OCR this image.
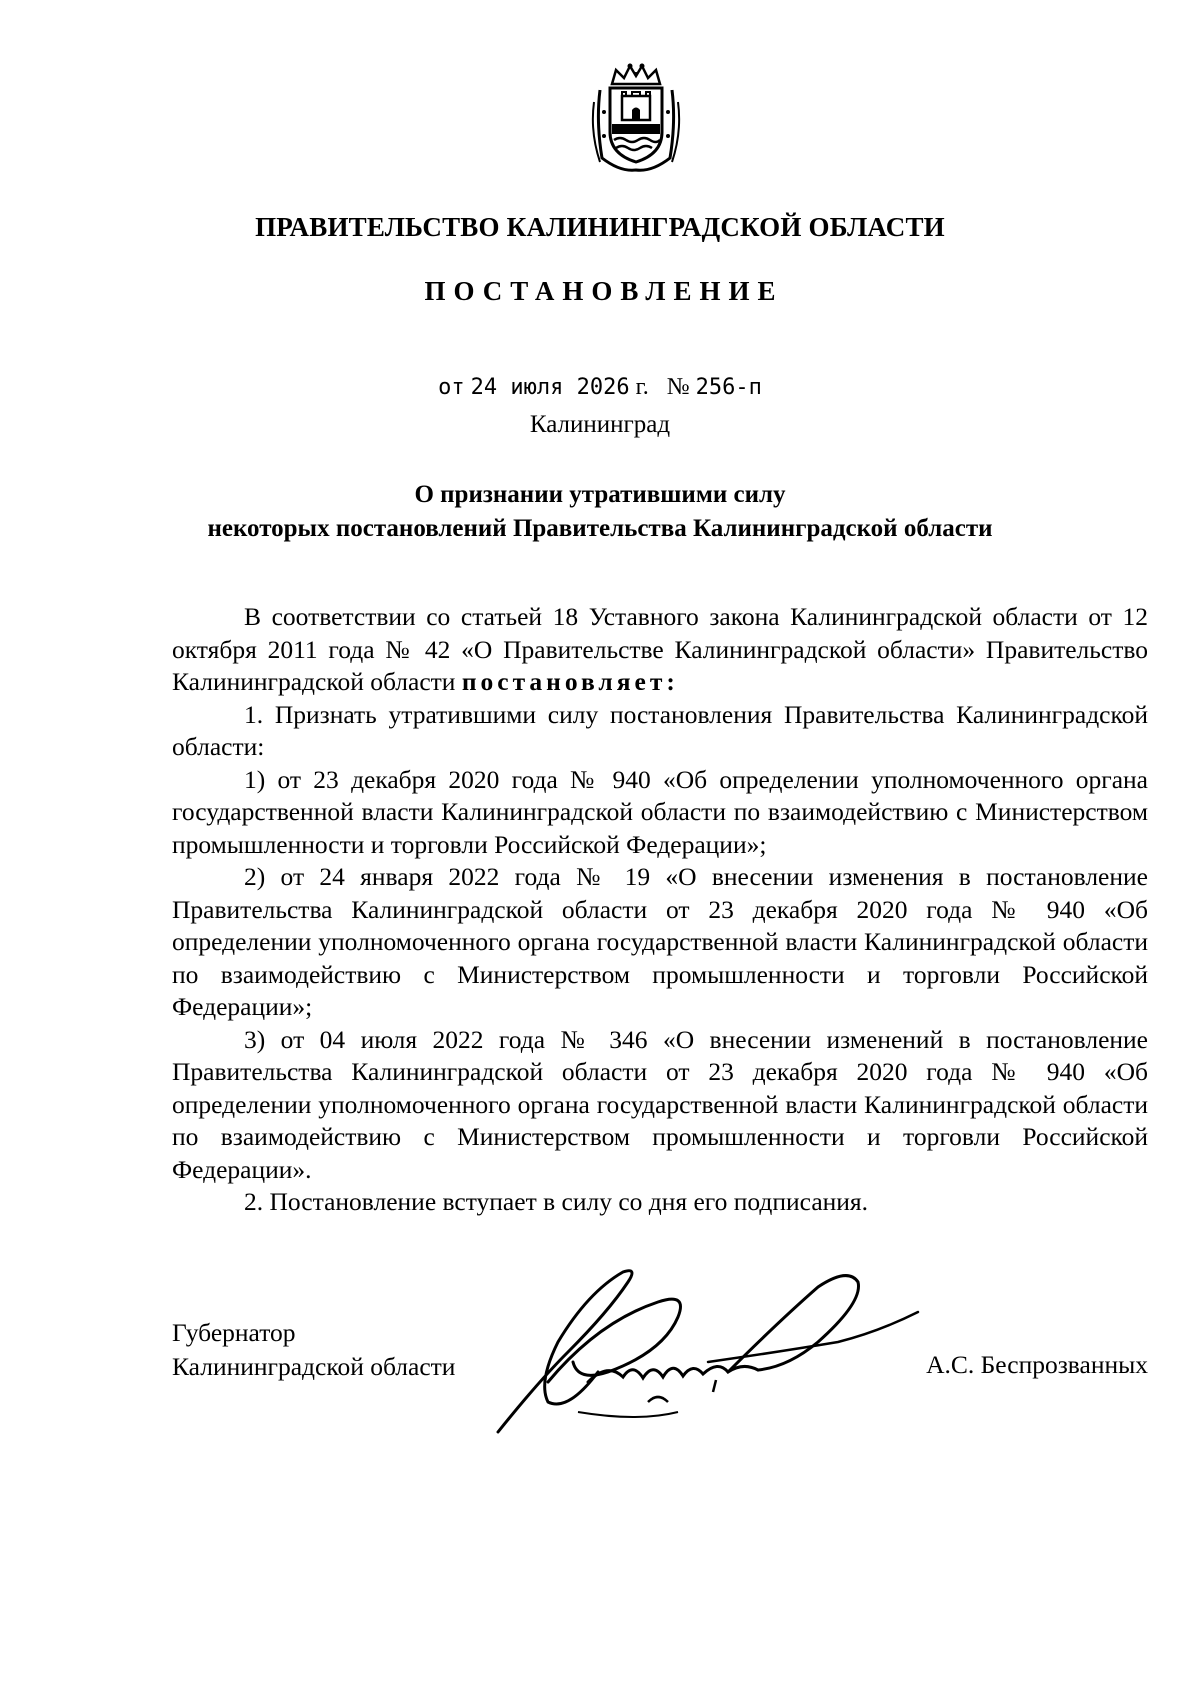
ПРАВИТЕЛЬСТВО КАЛИНИНГРАДСКОЙ ОБЛАСТИ
ПОСТАНОВЛЕНИЕ
от 24 июля 2026 г. № 256-п
Калининград
О признании утратившими силу
некоторых постановлений Правительства Калининградской области

В соответствии со статьей 18 Уставного закона Калининградской области от 12 октября 2011 года № 42 «О Правительстве Калининградской области» Правительство Калининградской области постановляет:

1. Признать утратившими силу постановления Правительства Калининградской области:

1) от 23 декабря 2020 года № 940 «Об определении уполномоченного органа государственной власти Калининградской области по взаимодействию с Министерством промышленности и торговли Российской Федерации»;

2) от 24 января 2022 года № 19 «О внесении изменения в постановление Правительства Калининградской области от 23 декабря 2020 года № 940 «Об определении уполномоченного органа государственной власти Калининградской области по взаимодействию с Министерством промышленности и торговли Российской Федерации»;

3) от 04 июля 2022 года № 346 «О внесении изменений в постановление Правительства Калининградской области от 23 декабря 2020 года № 940 «Об определении уполномоченного органа государственной власти Калининградской области по взаимодействию с Министерством промышленности и торговли Российской Федерации».

2. Постановление вступает в силу со дня его подписания.

Губернатор
Калининградской области	А.С. Беспрозванных
